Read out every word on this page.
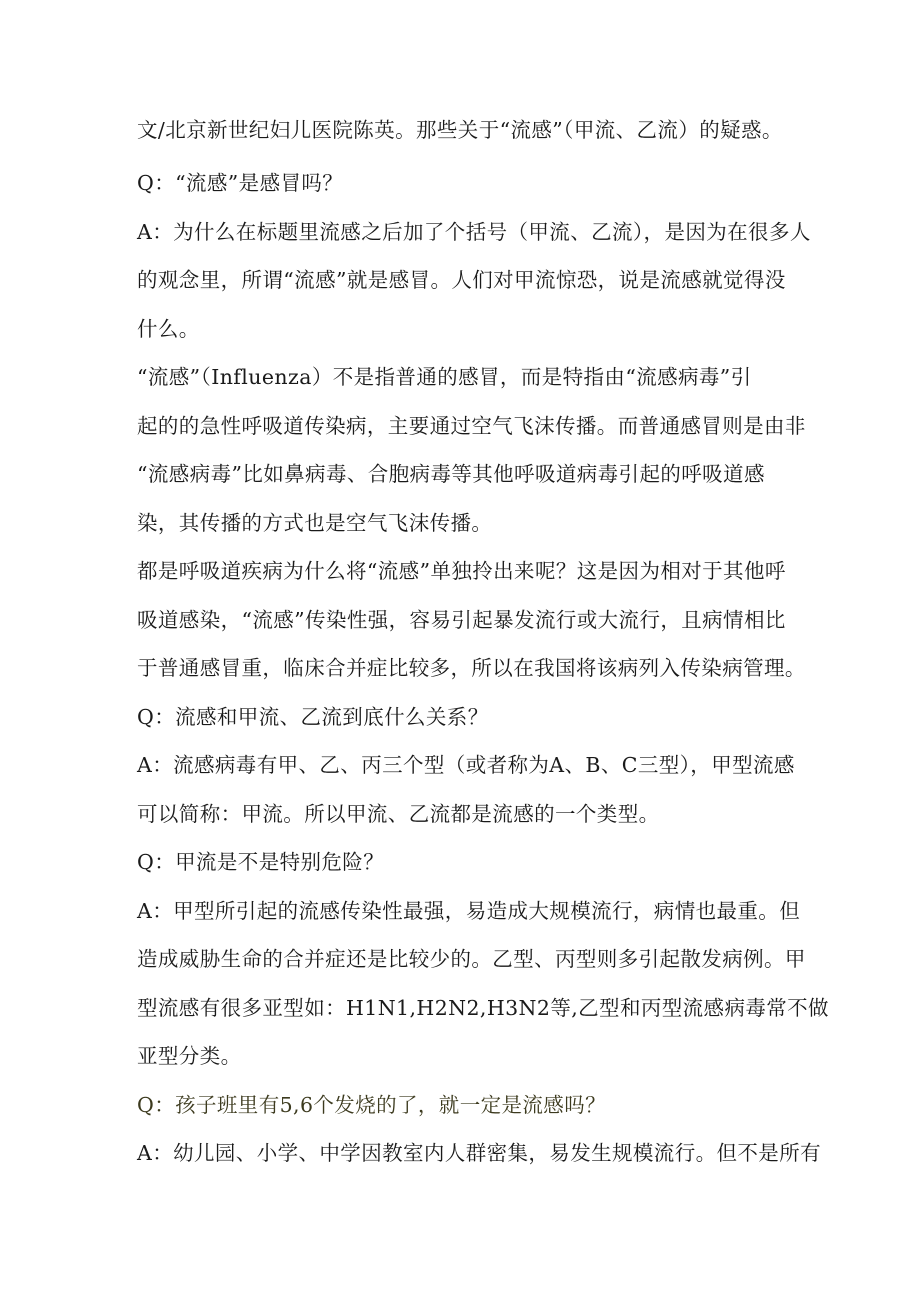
文/北京新世纪妇儿医院陈英。那些关于“流感”（甲流、乙流）的疑惑。
Q：“流感”是感冒吗？
A：为什么在标题里流感之后加了个括号（甲流、乙流），是因为在很多人
的观念里，所谓“流感”就是感冒。人们对甲流惊恐，说是流感就觉得没
什么。
“流感”（Influenza）不是指普通的感冒，而是特指由“流感病毒”引
起的的急性呼吸道传染病，主要通过空气飞沫传播。而普通感冒则是由非
“流感病毒”比如鼻病毒、合胞病毒等其他呼吸道病毒引起的呼吸道感
染，其传播的方式也是空气飞沫传播。
都是呼吸道疾病为什么将“流感”单独拎出来呢？这是因为相对于其他呼
吸道感染，“流感”传染性强，容易引起暴发流行或大流行，且病情相比
于普通感冒重，临床合并症比较多，所以在我国将该病列入传染病管理。
Q：流感和甲流、乙流到底什么关系？
A：流感病毒有甲、乙、丙三个型（或者称为A、B、C三型），甲型流感
可以简称：甲流。所以甲流、乙流都是流感的一个类型。
Q：甲流是不是特别危险？
A：甲型所引起的流感传染性最强，易造成大规模流行，病情也最重。但
造成威胁生命的合并症还是比较少的。乙型、丙型则多引起散发病例。甲
型流感有很多亚型如：H1N1,H2N2,H3N2等,乙型和丙型流感病毒常不做
亚型分类。
Q：孩子班里有5,6个发烧的了，就一定是流感吗？
A：幼儿园、小学、中学因教室内人群密集，易发生规模流行。但不是所有
